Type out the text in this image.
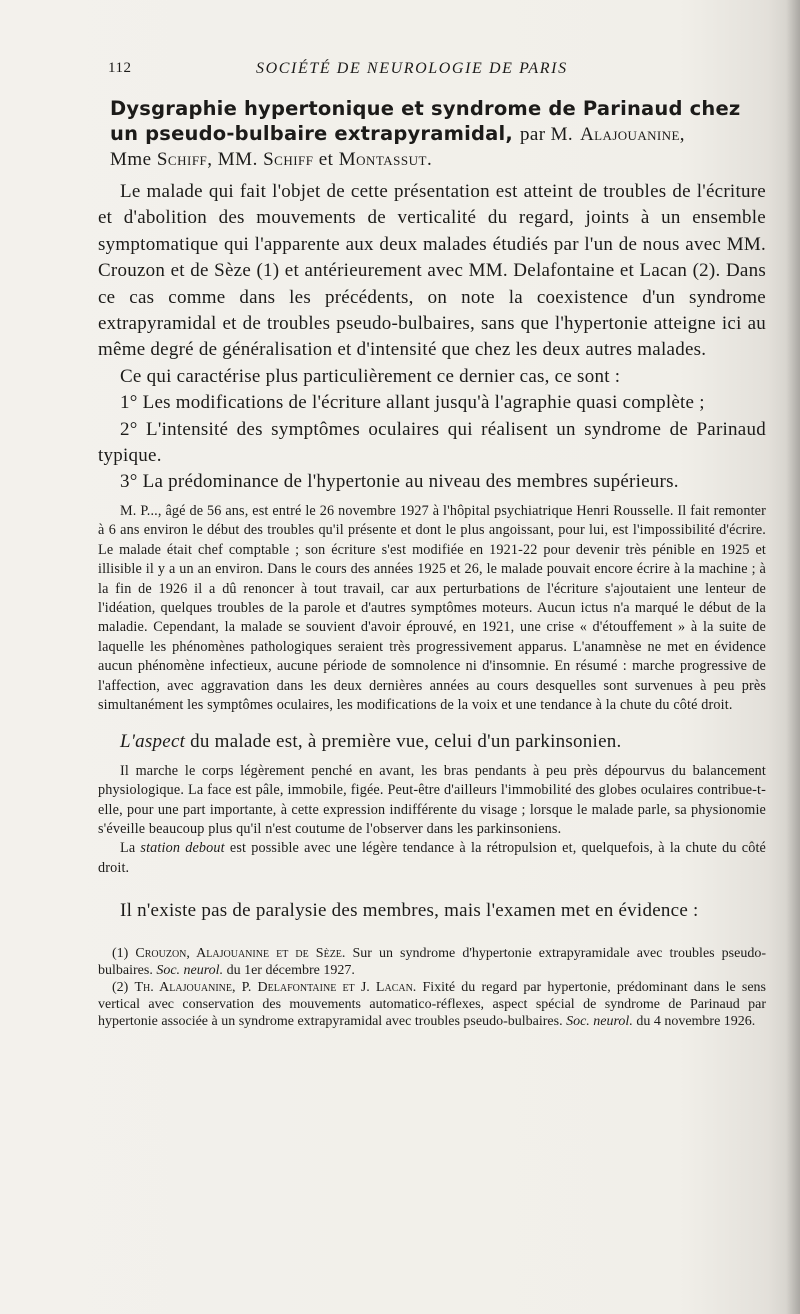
112	SOCIÉTÉ DE NEUROLOGIE DE PARIS
Dysgraphie hypertonique et syndrome de Parinaud chez un pseudo-bulbaire extrapyramidal, par M. Alajouanine,
Mme Schiff, MM. Schiff et Montassut.

Le malade qui fait l'objet de cette présentation est atteint de troubles de l'écriture et d'abolition des mouvements de verticalité du regard, joints à un ensemble symptomatique qui l'apparente aux deux malades étudiés par l'un de nous avec MM. Crouzon et de Sèze (1) et antérieurement avec MM. Delafontaine et Lacan (2). Dans ce cas comme dans les précédents, on note la coexistence d'un syndrome extrapyramidal et de troubles pseudo-bulbaires, sans que l'hypertonie atteigne ici au même degré de généralisation et d'intensité que chez les deux autres malades.

Ce qui caractérise plus particulièrement ce dernier cas, ce sont :

1° Les modifications de l'écriture allant jusqu'à l'agraphie quasi complète ;

2° L'intensité des symptômes oculaires qui réalisent un syndrome de Parinaud typique.

3° La prédominance de l'hypertonie au niveau des membres supérieurs.

M. P..., âgé de 56 ans, est entré le 26 novembre 1927 à l'hôpital psychiatrique Henri Rousselle. Il fait remonter à 6 ans environ le début des troubles qu'il présente et dont le plus angoissant, pour lui, est l'impossibilité d'écrire. Le malade était chef comptable ; son écriture s'est modifiée en 1921-22 pour devenir très pénible en 1925 et illisible il y a un an environ. Dans le cours des années 1925 et 26, le malade pouvait encore écrire à la machine ; à la fin de 1926 il a dû renoncer à tout travail, car aux perturbations de l'écriture s'ajoutaient une lenteur de l'idéation, quelques troubles de la parole et d'autres symptômes moteurs. Aucun ictus n'a marqué le début de la maladie. Cependant, la malade se souvient d'avoir éprouvé, en 1921, une crise « d'étouffement » à la suite de laquelle les phénomènes pathologiques seraient très progressivement apparus. L'anamnèse ne met en évidence aucun phénomène infectieux, aucune période de somnolence ni d'insomnie. En résumé : marche progressive de l'affection, avec aggravation dans les deux dernières années au cours desquelles sont survenues à peu près simultanément les symptômes oculaires, les modifications de la voix et une tendance à la chute du côté droit.

L'aspect du malade est, à première vue, celui d'un parkinsonien.

Il marche le corps légèrement penché en avant, les bras pendants à peu près dépourvus du balancement physiologique. La face est pâle, immobile, figée. Peut-être d'ailleurs l'immobilité des globes oculaires contribue-t-elle, pour une part importante, à cette expression indifférente du visage ; lorsque le malade parle, sa physionomie s'éveille beaucoup plus qu'il n'est coutume de l'observer dans les parkinsoniens.

La station debout est possible avec une légère tendance à la rétropulsion et, quelquefois, à la chute du côté droit.

Il n'existe pas de paralysie des membres, mais l'examen met en évidence :

(1) Crouzon, Alajouanine et de Sèze. Sur un syndrome d'hypertonie extrapyramidale avec troubles pseudo-bulbaires. Soc. neurol. du 1er décembre 1927.

(2) Th. Alajouanine, P. Delafontaine et J. Lacan. Fixité du regard par hypertonie, prédominant dans le sens vertical avec conservation des mouvements automatico-réflexes, aspect spécial de syndrome de Parinaud par hypertonie associée à un syndrome extrapyramidal avec troubles pseudo-bulbaires. Soc. neurol. du 4 novembre 1926.
